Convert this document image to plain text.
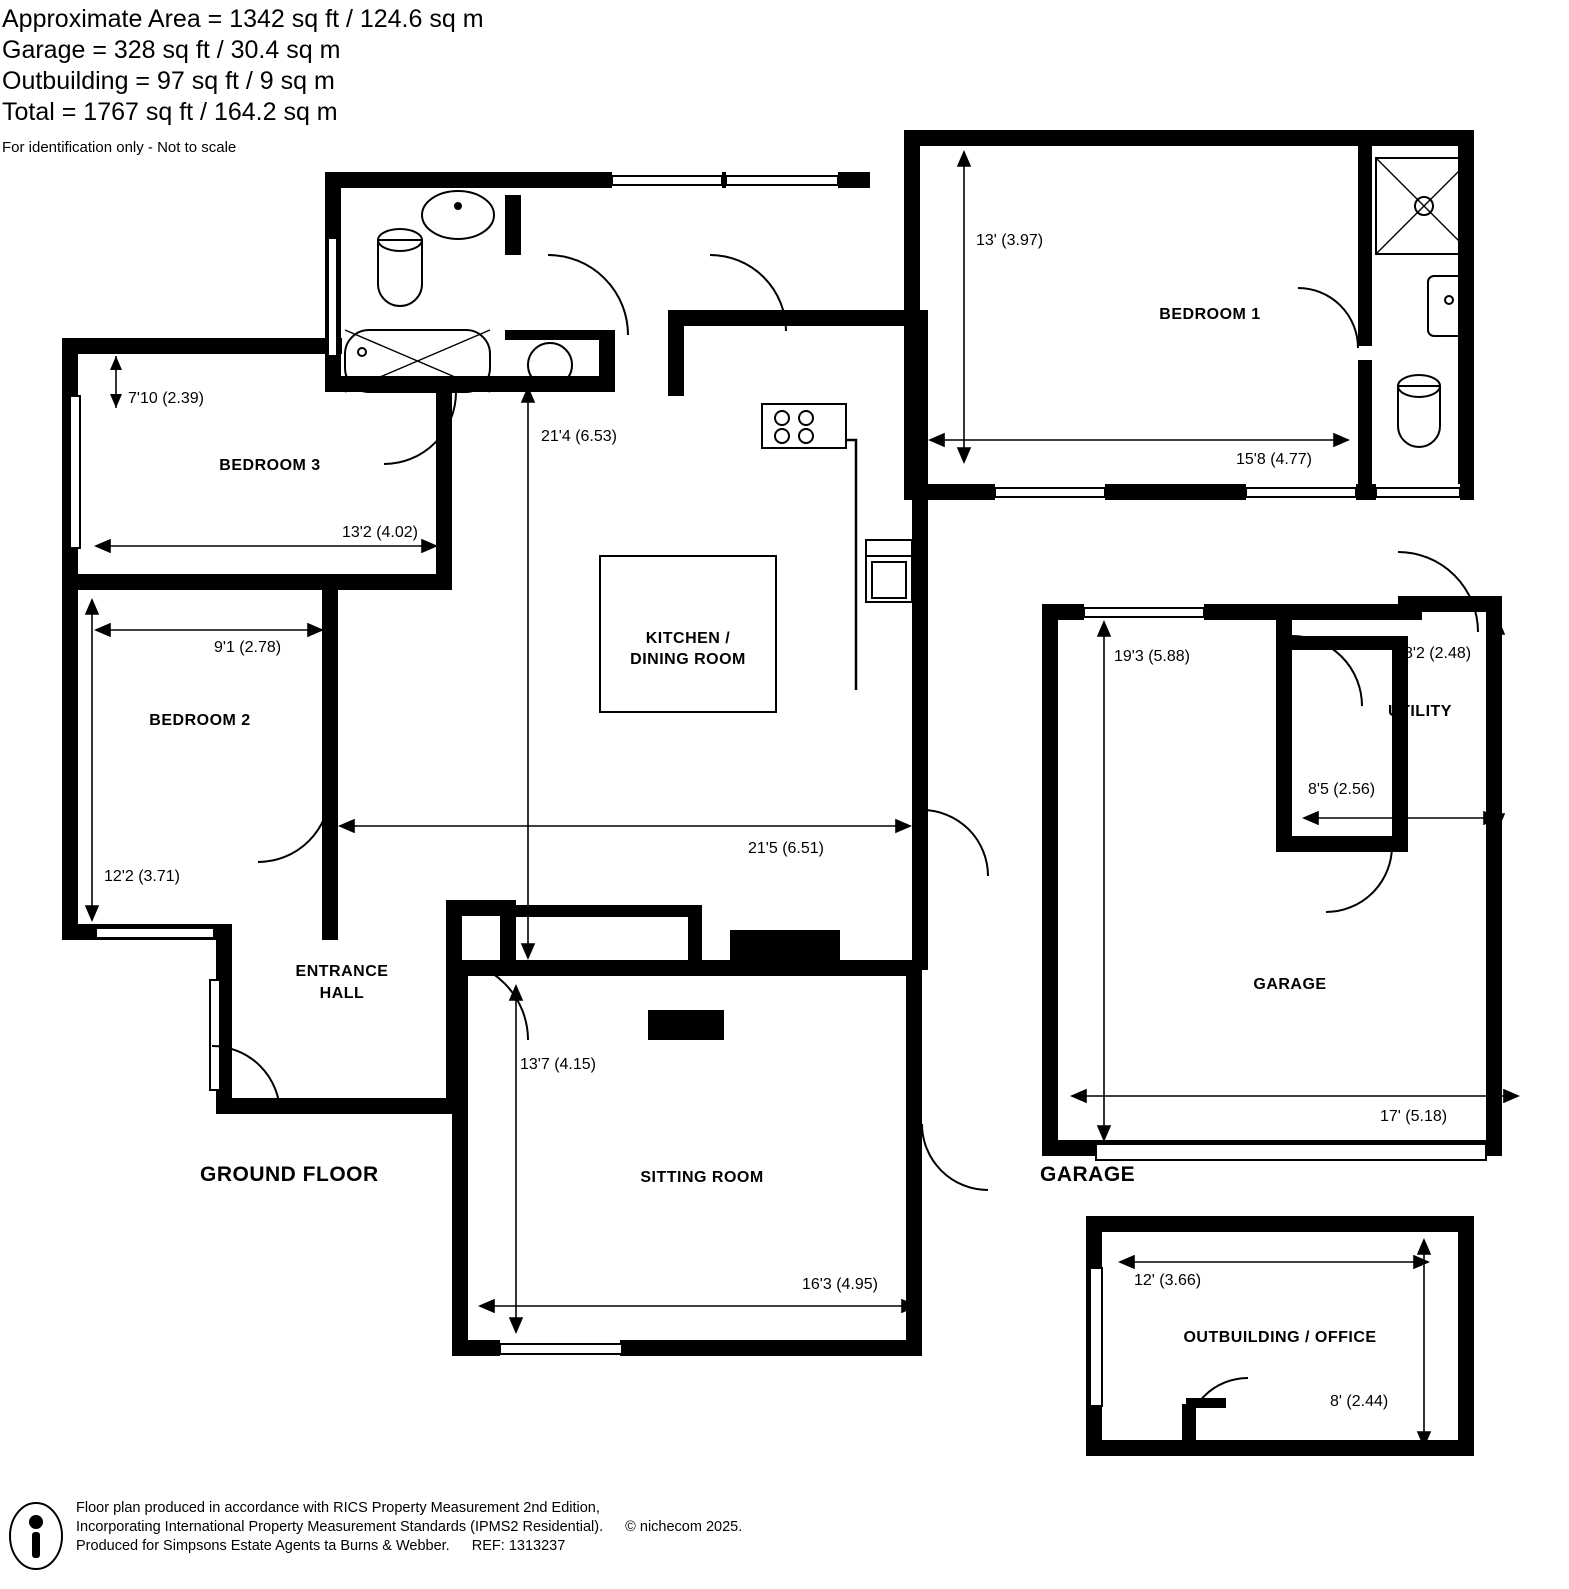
Approximate Area = 1342 sq ft / 124.6 sq m
Garage = 328 sq ft / 30.4 sq m
Outbuilding = 97 sq ft / 9 sq m
Total = 1767 sq ft / 164.2 sq m
For identification only - Not to scale
BEDROOM 1
BEDROOM 3
BEDROOM 2
KITCHEN /
DINING ROOM
ENTRANCE
HALL
SITTING ROOM
UTILITY
GARAGE
OUTBUILDING / OFFICE
GROUND FLOOR	GARAGE
13' (3.97)
15'8 (4.77)
7'10 (2.39)
13'2 (4.02)
9'1 (2.78)
12'2 (3.71)
21'4 (6.53)
21'5 (6.51)
13'7 (4.15)
16'3 (4.95)
19'3 (5.88)
17' (5.18)
8'2 (2.48)
8'5 (2.56)
12' (3.66)
8' (2.44)
Floor plan produced in accordance with RICS Property Measurement 2nd Edition,
Incorporating International Property Measurement Standards (IPMS2 Residential). © nichecom 2025.
Produced for Simpsons Estate Agents ta Burns & Webber. REF: 1313237
